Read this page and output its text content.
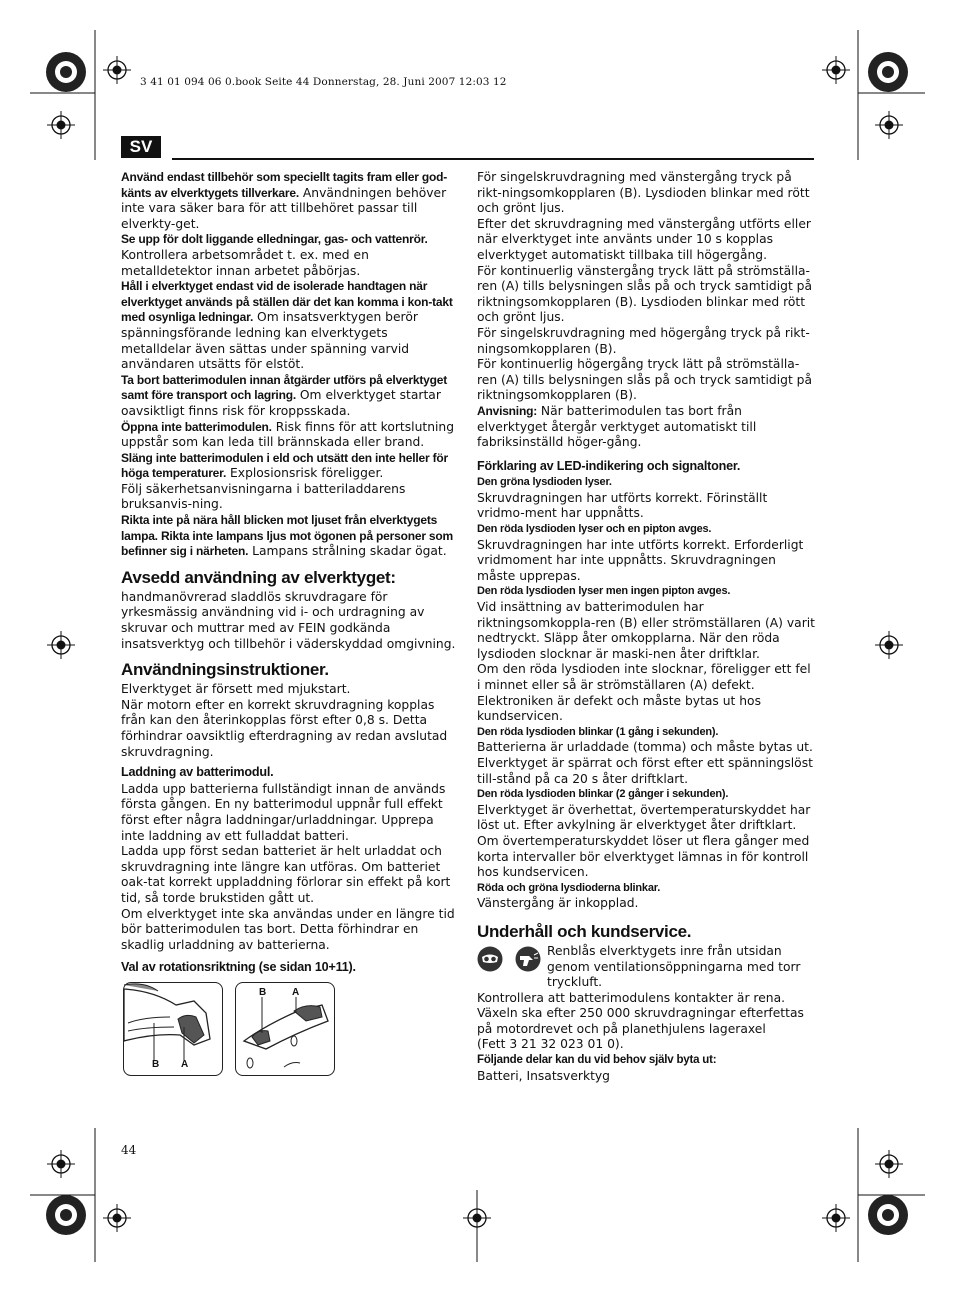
3 41 01 094 06 0.book Seite 44 Donnerstag, 28. Juni 2007 12:03 12
SV

Använd endast tillbehör som speciellt tagits fram eller god-känts av elverktygets tillverkare. Användningen behöver inte vara säker bara för att tillbehöret passar till elverkty-get.

Se upp för dolt liggande elledningar, gas- och vattenrör. Kontrollera arbetsområdet t. ex. med en metalldetektor innan arbetet påbörjas.

Håll i elverktyget endast vid de isolerade handtagen när elverktyget används på ställen där det kan komma i kon-takt med osynliga ledningar. Om insatsverktygen berör spänningsförande ledning kan elverktygets metalldelar även sättas under spänning varvid användaren utsätts för elstöt.

Ta bort batterimodulen innan åtgärder utförs på elverktyget samt före transport och lagring. Om elverktyget startar oavsiktligt finns risk för kroppsskada.

Öppna inte batterimodulen. Risk finns för att kortslutning uppstår som kan leda till brännskada eller brand.

Släng inte batterimodulen i eld och utsätt den inte heller för höga temperaturer. Explosionsrisk föreligger.

Följ säkerhetsanvisningarna i batteriladdarens bruksanvis-ning.

Rikta inte på nära håll blicken mot ljuset från elverktygets lampa. Rikta inte lampans ljus mot ögonen på personer som befinner sig i närheten. Lampans strålning skadar ögat.

Avsedd användning av elverktyget:

handmanövrerad sladdlös skruvdragare för yrkesmässig användning vid i- och urdragning av skruvar och muttrar med av FEIN godkända insatsverktyg och tillbehör i väderskyddad omgivning.

Användningsinstruktioner.

Elverktyget är försett med mjukstart.

När motorn efter en korrekt skruvdragning kopplas från kan den återinkopplas först efter 0,8 s. Detta förhindrar oavsiktlig efterdragning av redan avslutad skruvdragning.

Laddning av batterimodul.

Ladda upp batterierna fullständigt innan de används första gången. En ny batterimodul uppnår full effekt först efter några laddningar/urladdningar. Upprepa inte laddning av ett fulladdat batteri.

Ladda upp först sedan batteriet är helt urladdat och skruvdragning inte längre kan utföras. Om batteriet oak-tat korrekt uppladdning förlorar sin effekt på kort tid, så torde brukstiden gått ut.

Om elverktyget inte ska användas under en längre tid bör batterimodulen tas bort. Detta förhindrar en skadlig urladdning av batterierna.

Val av rotationsriktning (se sidan 10+11).
B A
B	A

För singelskruvdragning med vänstergång tryck på rikt-ningsomkopplaren (B). Lysdioden blinkar med rött och grönt ljus.

Efter det skruvdragning med vänstergång utförts eller när elverktyget inte använts under 10 s kopplas elverktyget automatiskt tillbaka till högergång.

För kontinuerlig vänstergång tryck lätt på strömställa-ren (A) tills belysningen slås på och tryck samtidigt på riktningsomkopplaren (B). Lysdioden blinkar med rött och grönt ljus.

För singelskruvdragning med högergång tryck på rikt-ningsomkopplaren (B).

För kontinuerlig högergång tryck lätt på strömställa-ren (A) tills belysningen slås på och tryck samtidigt på riktningsomkopplaren (B).

Anvisning: När batterimodulen tas bort från elverktyget återgår verktyget automatiskt till fabriksinställd höger-gång.

Förklaring av LED-indikering och signaltoner.

Den gröna lysdioden lyser.

Skruvdragningen har utförts korrekt. Förinställt vridmo-ment har uppnåtts.

Den röda lysdioden lyser och en pipton avges.

Skruvdragningen har inte utförts korrekt. Erforderligt vridmoment har inte uppnåtts. Skruvdragningen måste upprepas.

Den röda lysdioden lyser men ingen pipton avges.

Vid insättning av batterimodulen har riktningsomkoppla-ren (B) eller strömställaren (A) varit nedtryckt. Släpp åter omkopplarna. När den röda lysdioden slocknar är maski-nen åter driftklar.

Om den röda lysdioden inte slocknar, föreligger ett fel i minnet eller så är strömställaren (A) defekt. Elektroniken är defekt och måste bytas ut hos kundservicen.

Den röda lysdioden blinkar (1 gång i sekunden).

Batterierna är urladdade (tomma) och måste bytas ut. Elverktyget är spärrat och först efter ett spänningslöst till-stånd på ca 20 s åter driftklart.

Den röda lysdioden blinkar (2 gånger i sekunden).

Elverktyget är överhettat, övertemperaturskyddet har löst ut. Efter avkylning är elverktyget åter driftklart. Om övertemperaturskyddet löser ut flera gånger med korta intervaller bör elverktyget lämnas in för kontroll hos kundservicen.

Röda och gröna lysdioderna blinkar.

Vänstergång är inkopplad.

Underhåll och kundservice.

Renblås elverktygets inre från utsidan genom ventilationsöppningarna med torr tryckluft.

Kontrollera att batterimodulens kontakter är rena.

Växeln ska efter 250 000 skruvdragningar efterfettas på motordrevet och på planethjulens lageraxel

(Fett 3 21 32 023 01 0).

Följande delar kan du vid behov själv byta ut:

Batteri, Insatsverktyg

44
